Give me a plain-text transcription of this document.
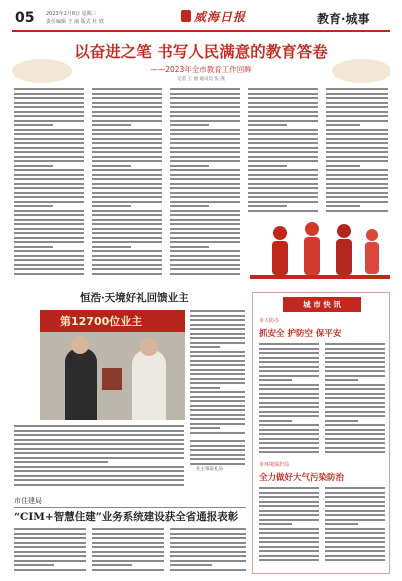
05 2023年2月8日 星期三
责任编辑 王 丽 版式 杜 欣	威海日报	教育·城事
以奋进之笔 书写人民满意的教育答卷
——2023年全市教育工作回眸
记者 王 丽 通讯员 张 燕
恒浩·天境好礼回馈业主
第12700位业主
业主领取礼品
市住建局
“CIM+智慧住建”业务系统建设获全省通报表彰
城 市 快 讯
市人防办
抓安全 护防空 保平安
市环境保护局
全力做好大气污染防治
